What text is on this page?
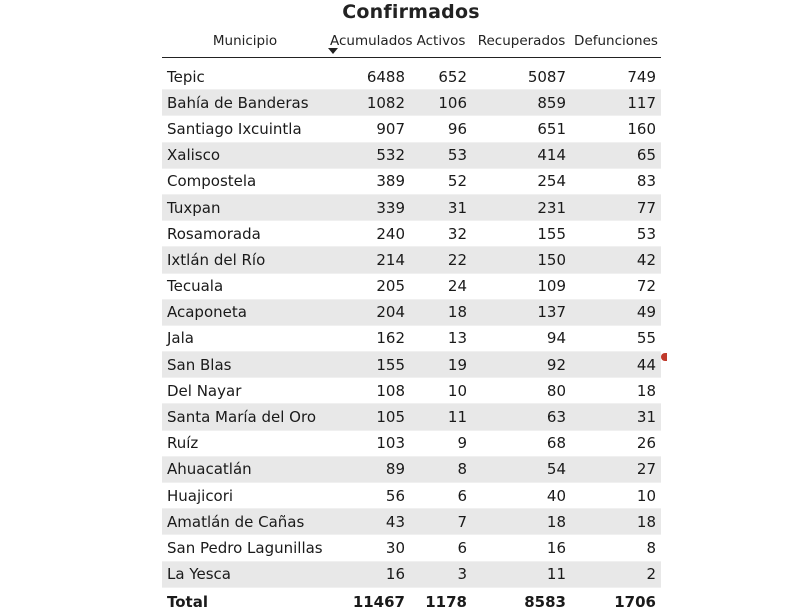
Confirmados
Municipio	Acumulados	Activos	Recuperados	Defunciones

Tepic	6488	652	5087	749
Bahía de Banderas	1082	106	859	117
Santiago Ixcuintla	907	96	651	160
Xalisco	532	53	414	65
Compostela	389	52	254	83
Tuxpan	339	31	231	77
Rosamorada	240	32	155	53
Ixtlán del Río	214	22	150	42
Tecuala	205	24	109	72
Acaponeta	204	18	137	49
Jala	162	13	94	55
San Blas	155	19	92	44
Del Nayar	108	10	80	18
Santa María del Oro	105	11	63	31
Ruíz	103	9	68	26
Ahuacatlán	89	8	54	27
Huajicori	56	6	40	10
Amatlán de Cañas	43	7	18	18
San Pedro Lagunillas	30	6	16	8
La Yesca	16	3	11	2
Total	11467	1178	8583	1706
